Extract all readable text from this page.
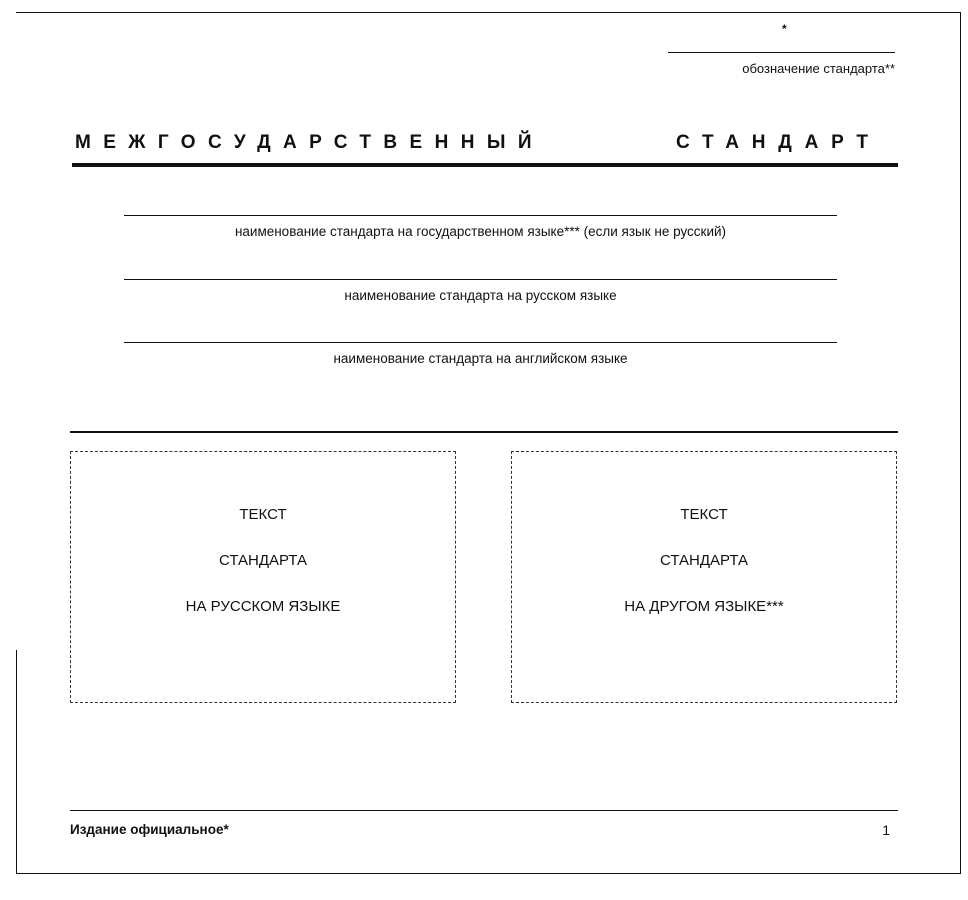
*
обозначение стандарта**
МЕЖГОСУДАРСТВЕННЫЙ	СТАНДАРТ
наименование стандарта на государственном языке*** (если язык не русский)
наименование стандарта на русском языке
наименование стандарта на английском языке
ТЕКСТ
СТАНДАРТА
НА РУССКОМ ЯЗЫКЕ
ТЕКСТ
СТАНДАРТА
НА ДРУГОМ ЯЗЫКЕ***
Издание официальное*	1
